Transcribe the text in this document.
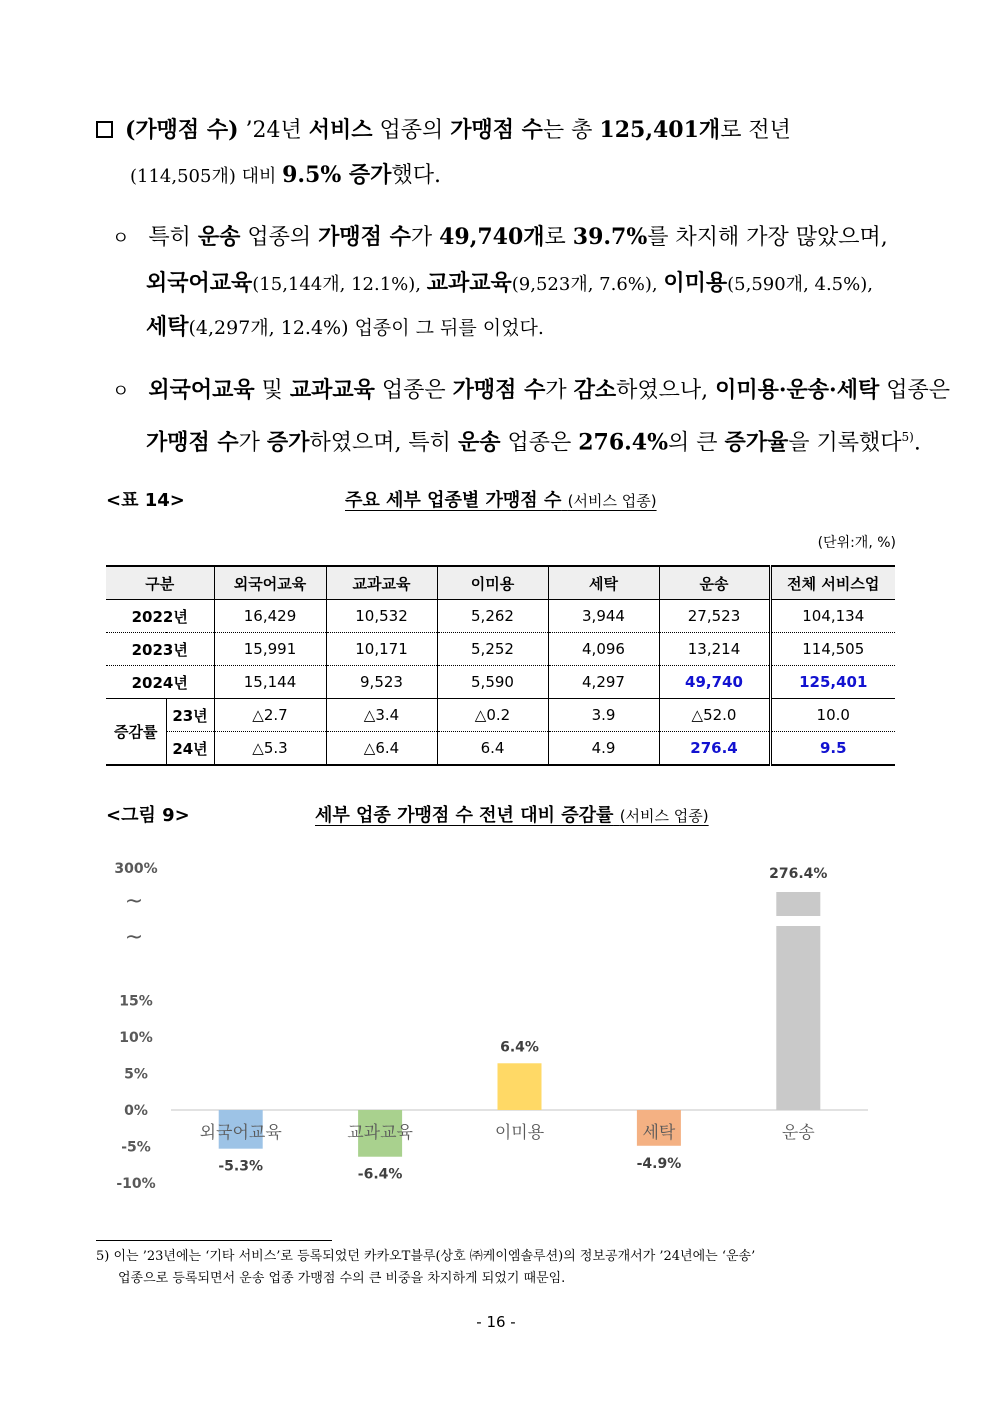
(가맹점 수) ’24년 서비스 업종의 가맹점 수는 총 125,401개로 전년
(114,505개) 대비 9.5% 증가했다.
ㅇ 특히 운송 업종의 가맹점 수가 49,740개로 39.7%를 차지해 가장 많았으며,
외국어교육(15,144개, 12.1%), 교과교육(9,523개, 7.6%), 이미용(5,590개, 4.5%),
세탁(4,297개, 12.4%) 업종이 그 뒤를 이었다.
ㅇ 외국어교육 및 교과교육 업종은 가맹점 수가 감소하였으나, 이미용·운송·세탁 업종은
가맹점 수가 증가하였으며, 특히 운송 업종은 276.4%의 큰 증가율을 기록했다$^{5)}$.
<표 14>	주요 세부 업종별 가맹점 수 (서비스 업종)
(단위:개, %)
구분		외국어교육	교과교육	이미용	세탁	운송	전체 서비스업
2022년		16,429	10,532	5,262	3,944	27,523	104,134
2023년		15,991	10,171	5,252	4,096	13,214	114,505
2024년		15,144	9,523	5,590	4,297	49,740	125,401
증감률	23년	△2.7	△3.4	△0.2	3.9	△52.0	10.0
	24년	△5.3	△6.4	6.4	4.9	276.4	9.5
<그림 9>	세부 업종 가맹점 수 전년 대비 증감률 (서비스 업종)
300%
15%
10%
5%
0%
-5%
-10%
~
~
-5.3%
외국어교육
-6.4%
교과교육
6.4%
이미용
-4.9%
세탁
276.4%
운송
5) 이는 ’23년에는 ‘기타 서비스’로 등록되었던 카카오T블루(상호 ㈜케이엠솔루션)의 정보공개서가 ’24년에는 ‘운송’
업종으로 등록되면서 운송 업종 가맹점 수의 큰 비중을 차지하게 되었기 때문임.
- 16 -
